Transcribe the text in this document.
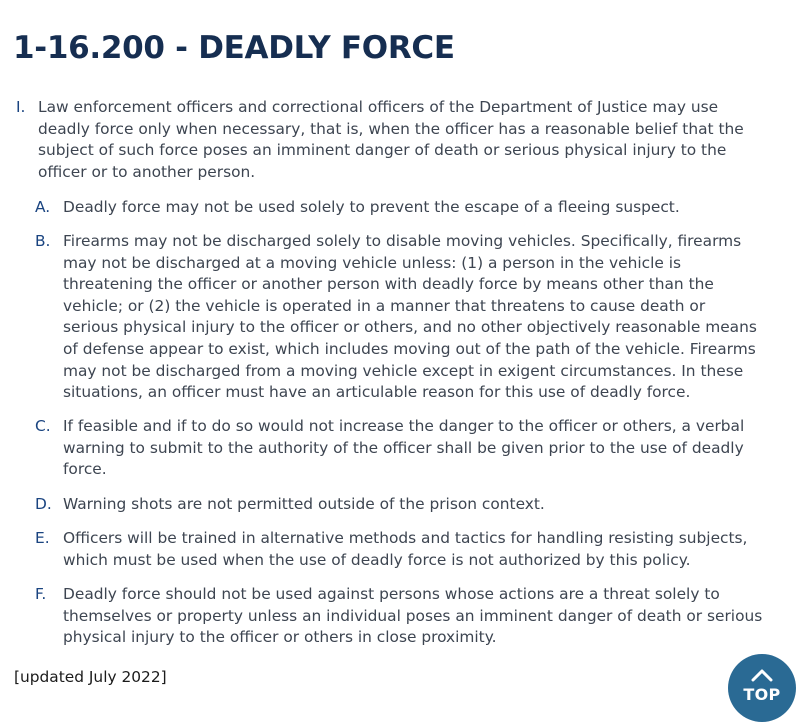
1-16.200 - DEADLY FORCE
I. Law enforcement officers and correctional officers of the Department of Justice may use deadly force only when necessary, that is, when the officer has a reasonable belief that the subject of such force poses an imminent danger of death or serious physical injury to the officer or to another person.
A. Deadly force may not be used solely to prevent the escape of a fleeing suspect.
B. Firearms may not be discharged solely to disable moving vehicles. Specifically, firearms may not be discharged at a moving vehicle unless: (1) a person in the vehicle is threatening the officer or another person with deadly force by means other than the vehicle; or (2) the vehicle is operated in a manner that threatens to cause death or serious physical injury to the officer or others, and no other objectively reasonable means of defense appear to exist, which includes moving out of the path of the vehicle. Firearms may not be discharged from a moving vehicle except in exigent circumstances. In these situations, an officer must have an articulable reason for this use of deadly force.
C. If feasible and if to do so would not increase the danger to the officer or others, a verbal warning to submit to the authority of the officer shall be given prior to the use of deadly force.
D. Warning shots are not permitted outside of the prison context.
E. Officers will be trained in alternative methods and tactics for handling resisting subjects, which must be used when the use of deadly force is not authorized by this policy.
F. Deadly force should not be used against persons whose actions are a threat solely to themselves or property unless an individual poses an imminent danger of death or serious physical injury to the officer or others in close proximity.
[updated July 2022]
TOP
